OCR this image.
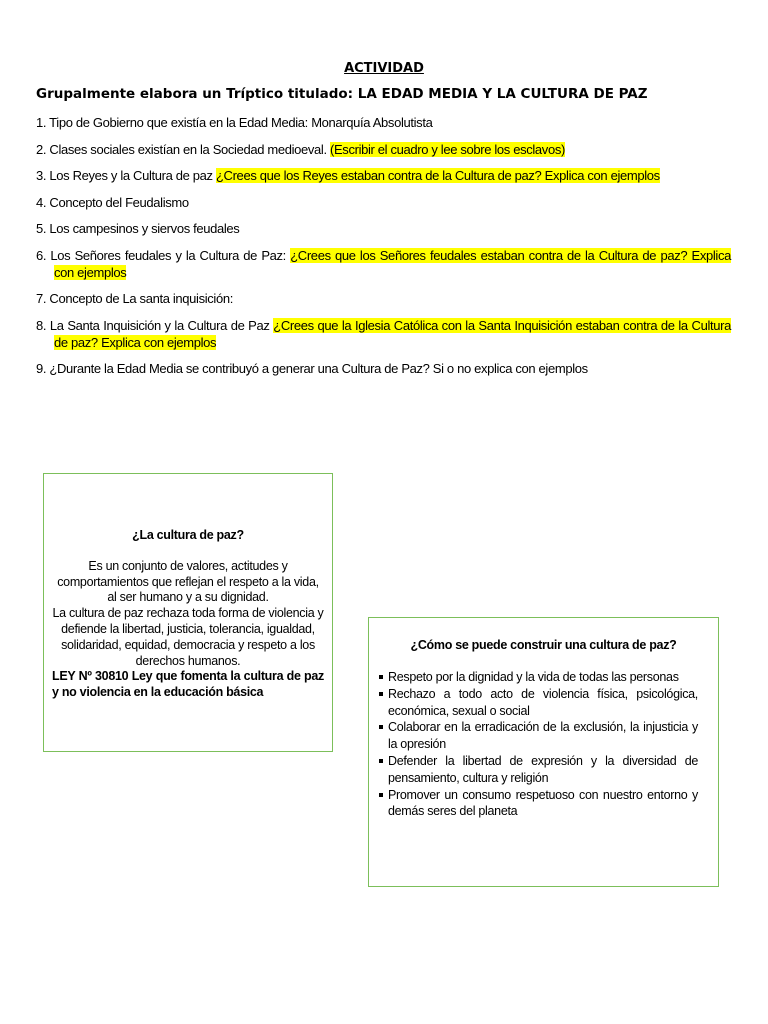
ACTIVIDAD
Grupalmente elabora un Tríptico titulado: LA EDAD MEDIA Y LA CULTURA DE PAZ
1. Tipo de Gobierno que existía en la Edad Media: Monarquía Absolutista
2. Clases sociales existían en la Sociedad medioeval. (Escribir el cuadro y lee sobre los esclavos)
3. Los Reyes y la Cultura de paz ¿Crees que los Reyes estaban contra de la Cultura de paz? Explica con ejemplos
4. Concepto del Feudalismo
5. Los campesinos y siervos feudales
6. Los Señores feudales y la Cultura de Paz: ¿Crees que los Señores feudales estaban contra de la Cultura de paz? Explica con ejemplos
7. Concepto de La santa inquisición:
8. La Santa Inquisición y la Cultura de Paz ¿Crees que la Iglesia Católica con la Santa Inquisición estaban contra de la Cultura de paz? Explica con ejemplos
9. ¿Durante la Edad Media se contribuyó a generar una Cultura de Paz? Si o no explica con ejemplos
¿La cultura de paz?
Es un conjunto de valores, actitudes y comportamientos que reflejan el respeto a la vida, al ser humano y a su dignidad.
La cultura de paz rechaza toda forma de violencia y defiende la libertad, justicia, tolerancia, igualdad, solidaridad, equidad, democracia y respeto a los derechos humanos.
LEY Nº 30810 Ley que fomenta la cultura de paz y no violencia en la educación básica
¿Cómo se puede construir una cultura de paz?
Respeto por la dignidad y la vida de todas las personas
Rechazo a todo acto de violencia física, psicológica, económica, sexual o social
Colaborar en la erradicación de la exclusión, la injusticia y la opresión
Defender la libertad de expresión y la diversidad de pensamiento, cultura y religión
Promover un consumo respetuoso con nuestro entorno y demás seres del planeta
